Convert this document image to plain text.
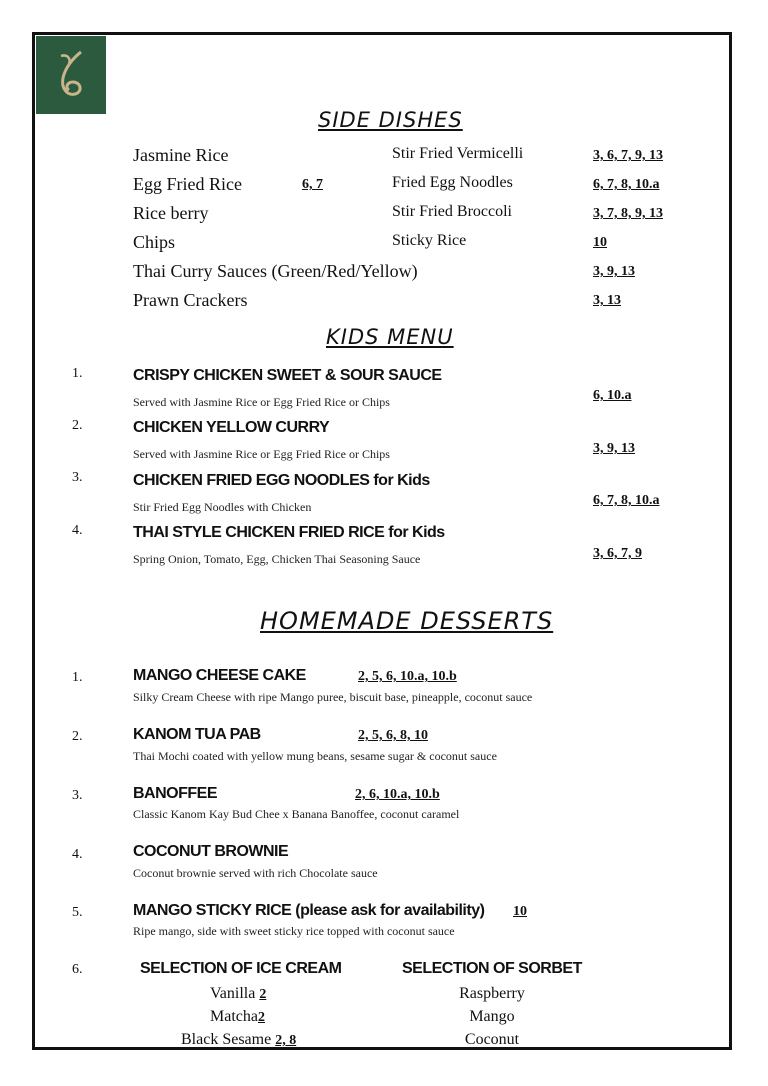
SIDE DISHES
Jasmine Rice
Egg Fried Rice	6, 7
Rice berry
Chips
Stir Fried Vermicelli	3, 6, 7, 9, 13
Fried Egg Noodles	6, 7, 8, 10.a
Stir Fried Broccoli	3, 7, 8, 9, 13
Sticky Rice	10
Thai Curry Sauces (Green/Red/Yellow)	3, 9, 13
Prawn Crackers	3, 13
KIDS MENU
1.	CRISPY CHICKEN SWEET & SOUR SAUCE
Served with Jasmine Rice or Egg Fried Rice or Chips	6, 10.a
2.	CHICKEN YELLOW CURRY
Served with Jasmine Rice or Egg Fried Rice or Chips	3, 9, 13
3.	CHICKEN FRIED EGG NOODLES for Kids
Stir Fried Egg Noodles with Chicken	6, 7, 8, 10.a
4.	THAI STYLE CHICKEN FRIED RICE for Kids
Spring Onion, Tomato, Egg, Chicken Thai Seasoning Sauce	3, 6, 7, 9
HOMEMADE DESSERTS
1.	MANGO CHEESE CAKE	2, 5, 6, 10.a, 10.b
Silky Cream Cheese with ripe Mango puree, biscuit base, pineapple, coconut sauce
2.	KANOM TUA PAB	2, 5, 6, 8, 10
Thai Mochi coated with yellow mung beans, sesame sugar & coconut sauce
3.	BANOFFEE	2, 6, 10.a, 10.b
Classic Kanom Kay Bud Chee x Banana Banoffee, coconut caramel
4.	COCONUT BROWNIE
Coconut brownie served with rich Chocolate sauce
5.	MANGO STICKY RICE (please ask for availability) 10
Ripe mango, side with sweet sticky rice topped with coconut sauce
6.	SELECTION OF ICE CREAM	SELECTION OF SORBET
Vanilla 2
Matcha2
Black Sesame 2, 8
Raspberry
Mango
Coconut
